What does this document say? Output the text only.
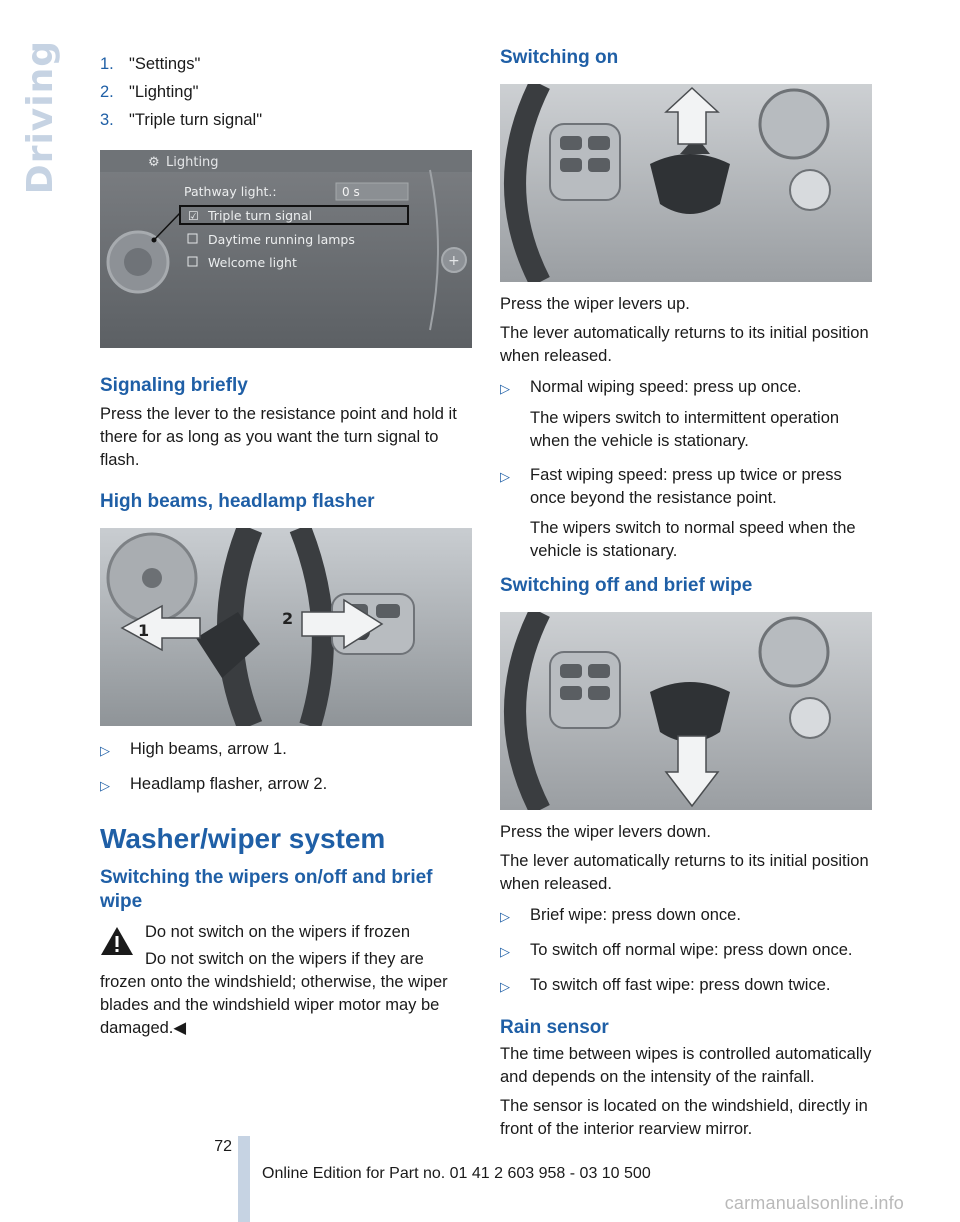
Driving 1. "Settings"
2. "Lighting"
3. "Triple turn signal"
⚙ Lighting
Pathway light.:	0 s
☑ Triple turn signal
Daytime running lamps
Welcome light	+
Signaling briefly

Press the lever to the resistance point and hold it there for as long as you want the turn signal to flash.

High beams, headlamp flasher
1
2
▷	High beams, arrow 1.
▷	Headlamp flasher, arrow 2.
Washer/wiper system
Switching the wipers on/off and brief wipe

Do not switch on the wipers if frozen

Do not switch on the wipers if they are frozen onto the windshield; otherwise, the wiper blades and the windshield wiper motor may be damaged.◀

Switching on

Press the wiper levers up.

The lever automatically returns to its initial position when released.

▷	Normal wiping speed: press up once.

The wipers switch to intermittent operation when the vehicle is stationary.

▷	Fast wiping speed: press up twice or press once beyond the resistance point.

The wipers switch to normal speed when the vehicle is stationary.

Switching off and brief wipe

Press the wiper levers down.

The lever automatically returns to its initial position when released.

▷	Brief wipe: press down once.
▷	To switch off normal wipe: press down once.
▷	To switch off fast wipe: press down twice.
Rain sensor

The time between wipes is controlled automatically and depends on the intensity of the rainfall.

The sensor is located on the windshield, directly in front of the interior rearview mirror.

72
Online Edition for Part no. 01 41 2 603 958 - 03 10 500
carmanualsonline.info
